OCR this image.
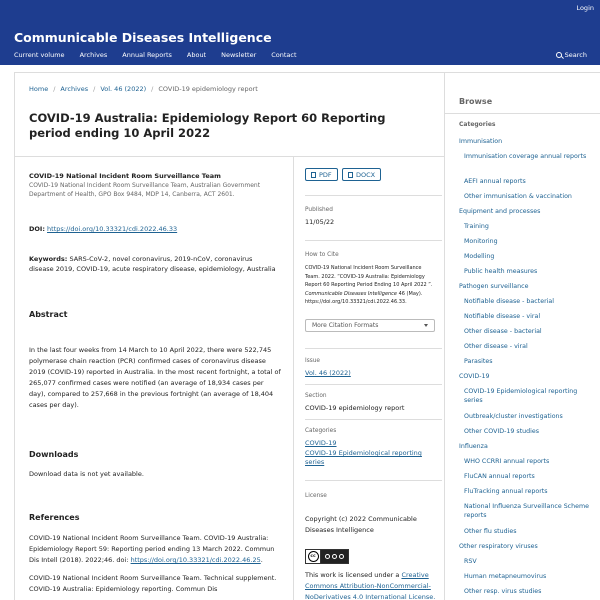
Login
Communicable Diseases Intelligence
Current volume Archives Annual Reports About Newsletter Contact	Search
Home / Archives / Vol. 46 (2022) / COVID-19 epidemiology report
COVID-19 Australia: Epidemiology Report 60 Reporting period ending 10 April 2022
COVID-19 National Incident Room Surveillance Team
COVID-19 National Incident Room Surveillance Team, Australian Government Department of Health, GPO Box 9484, MDP 14, Canberra, ACT 2601.
DOI: https://doi.org/10.33321/cdi.2022.46.33
Keywords: SARS-CoV-2, novel coronavirus, 2019-nCoV, coronavirus disease 2019, COVID-19, acute respiratory disease, epidemiology, Australia
Abstract
In the last four weeks from 14 March to 10 April 2022, there were 522,745 polymerase chain reaction (PCR) confirmed cases of coronavirus disease 2019 (COVID-19) reported in Australia. In the most recent fortnight, a total of 265,077 confirmed cases were notified (an average of 18,934 cases per day), compared to 257,668 in the previous fortnight (an average of 18,404 cases per day).
Downloads
Download data is not yet available.
References
COVID-19 National Incident Room Surveillance Team. COVID-19 Australia: Epidemiology Report 59: Reporting period ending 13 March 2022. Commun Dis Intell (2018). 2022;46. doi: https://doi.org/10.33321/cdi.2022.46.25.
COVID-19 National Incident Room Surveillance Team. Technical supplement. COVID-19 Australia: Epidemiology reporting. Commun Dis
PDF	DOCX
Published
11/05/22
How to Cite
COVID-19 National Incident Room Surveillance Team. 2022. “COVID-19 Australia: Epidemiology Report 60 Reporting Period Ending 10 April 2022 ”. Communicable Diseases Intelligence 46 (May). https://doi.org/10.33321/cdi.2022.46.33.
More Citation Formats
Issue
Vol. 46 (2022)
Section
COVID-19 epidemiology report
Categories
COVID-19
COVID-19 Epidemiological reporting series
License
Copyright (c) 2022 Communicable Diseases Intelligence
cc
This work is licensed under a Creative Commons Attribution-NonCommercial-NoDerivatives 4.0 International License.
Browse
Categories
Immunisation
Immunisation coverage annual reports
AEFI annual reports
Other immunisation & vaccination
Equipment and processes
Training
Monitoring
Modelling
Public health measures
Pathogen surveillance
Notifiable disease - bacterial
Notifiable disease - viral
Other disease - bacterial
Other disease - viral
Parasites
COVID-19
COVID-19 Epidemiological reporting series
Outbreak/cluster investigations
Other COVID-19 studies
Influenza
WHO CCRRI annual reports
FluCAN annual reports
FluTracking annual reports
National Influenza Surveillance Scheme reports
Other flu studies
Other respiratory viruses
RSV
Human metapneumovirus
Other resp. virus studies
